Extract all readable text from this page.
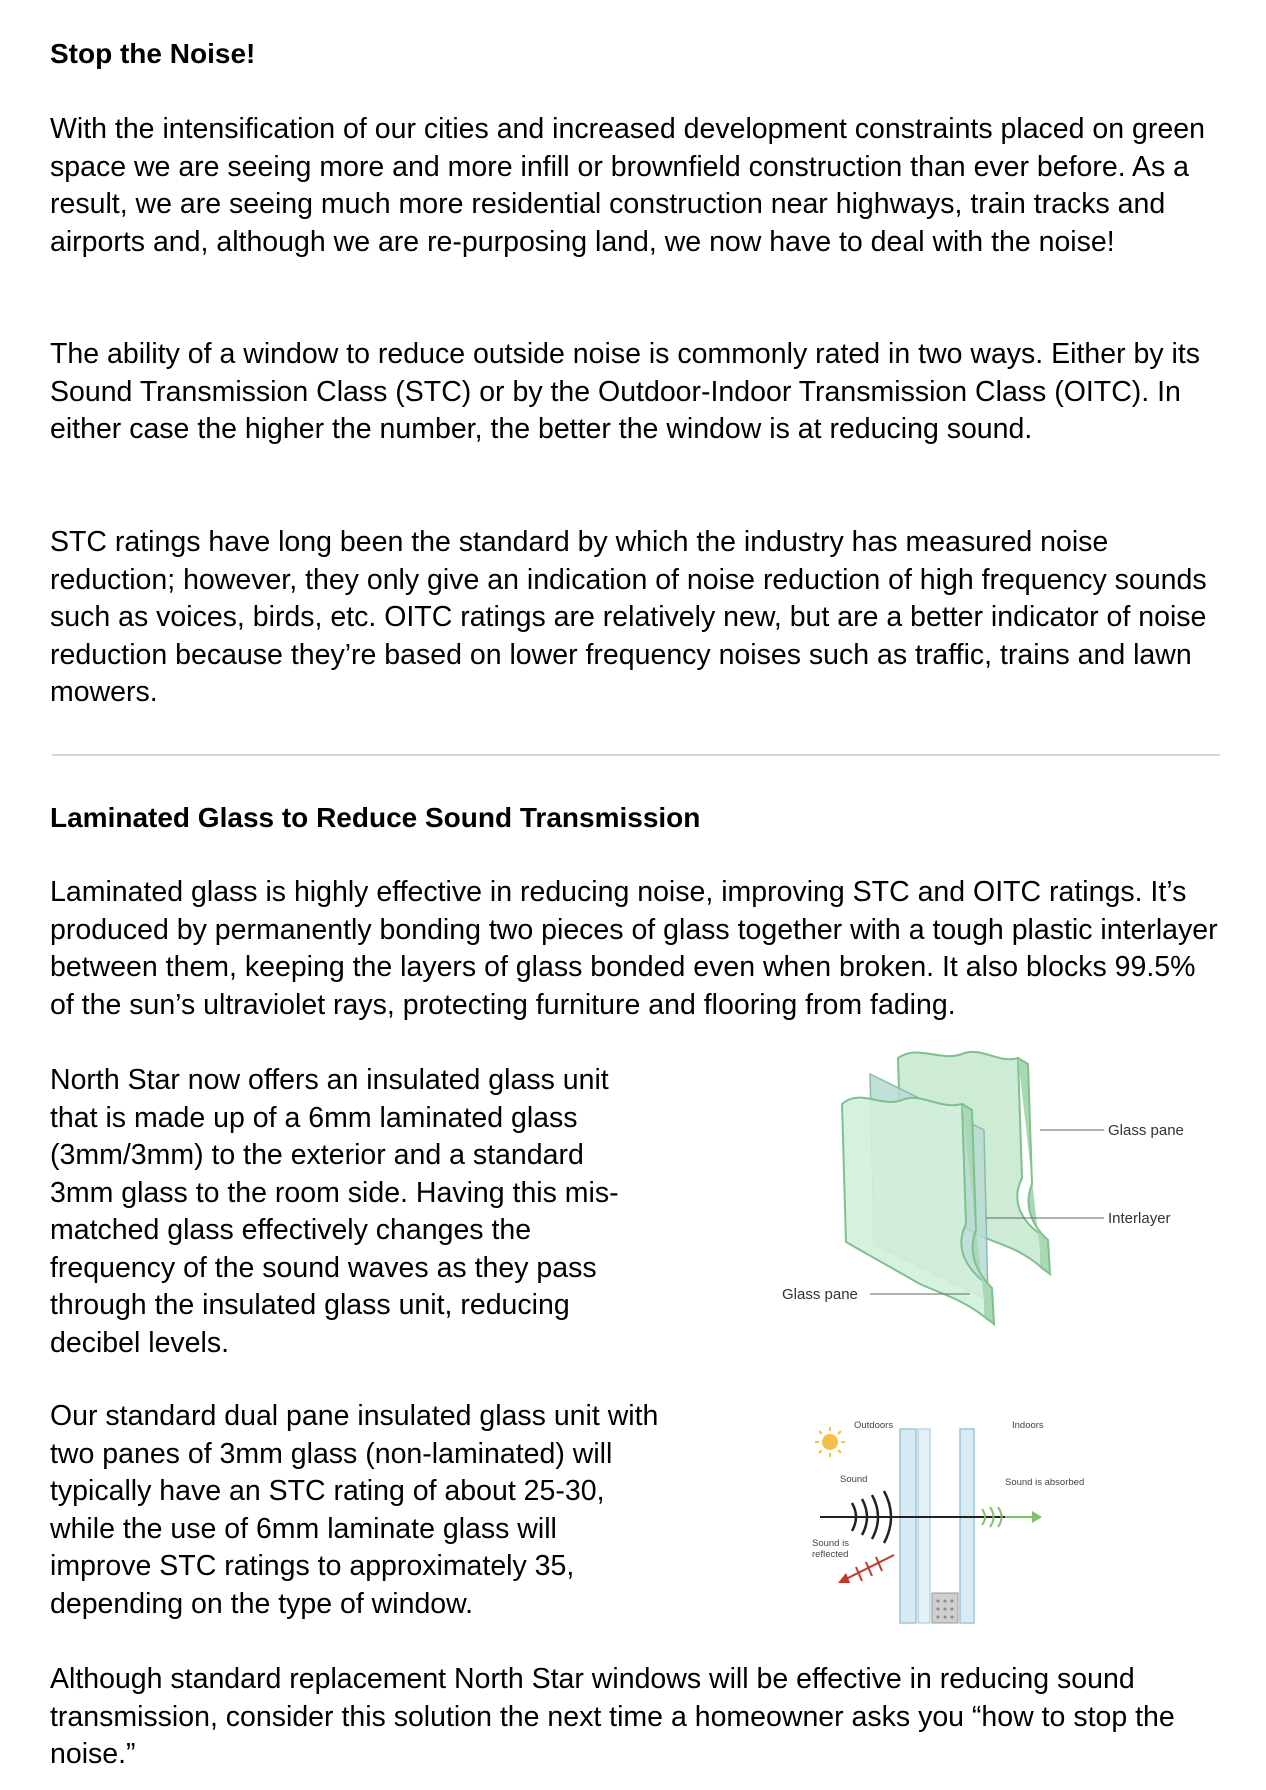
Stop the Noise!

With the intensification of our cities and increased development constraints placed on green space we are seeing more and more infill or brownfield construction than ever before. As a result, we are seeing much more residential construction near highways, train tracks and airports and, although we are re-purposing land, we now have to deal with the noise!

The ability of a window to reduce outside noise is commonly rated in two ways. Either by its Sound Transmission Class (STC) or by the Outdoor-Indoor Transmission Class (OITC). In either case the higher the number, the better the window is at reducing sound.

STC ratings have long been the standard by which the industry has measured noise reduction; however, they only give an indication of noise reduction of high frequency sounds such as voices, birds, etc. OITC ratings are relatively new, but are a better indicator of noise reduction because they’re based on lower frequency noises such as traffic, trains and lawn mowers.

Laminated Glass to Reduce Sound Transmission

Laminated glass is highly effective in reducing noise, improving STC and OITC ratings. It’s produced by permanently bonding two pieces of glass together with a tough plastic interlayer between them, keeping the layers of glass bonded even when broken. It also blocks 99.5% of the sun’s ultraviolet rays, protecting furniture and flooring from fading.

North Star now offers an insulated glass unit that is made up of a 6mm laminated glass (3mm/3mm) to the exterior and a standard 3mm glass to the room side. Having this mis-matched glass effectively changes the frequency of the sound waves as they pass through the insulated glass unit, reducing decibel levels.

Our standard dual pane insulated glass unit with two panes of 3mm glass (non-laminated) will typically have an STC rating of about 25-30, while the use of 6mm laminate glass will improve STC ratings to approximately 35, depending on the type of window.

Although standard replacement North Star windows will be effective in reducing sound transmission, consider this solution the next time a homeowner asks you “how to stop the noise.”

Glass pane
Interlayer
Glass pane
Outdoors	Indoors
Sound	Sound is absorbed
Sound is
reflected
